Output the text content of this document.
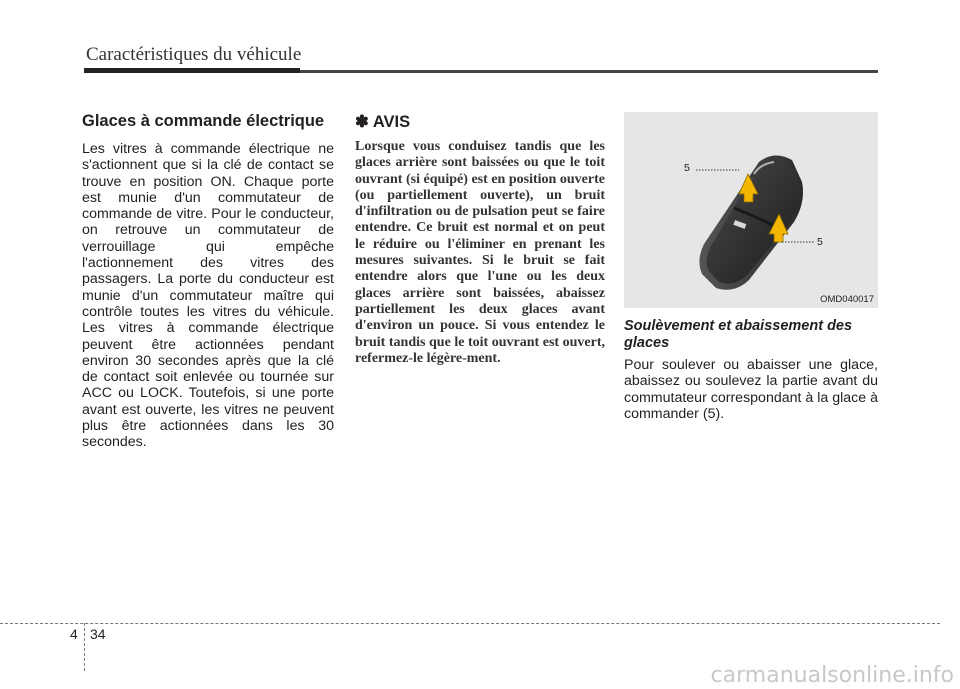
Caractéristiques du véhicule
Glaces à commande électrique

Les vitres à commande électrique ne s'actionnent que si la clé de contact se trouve en position ON. Chaque porte est munie d'un commutateur de commande de vitre. Pour le conducteur, on retrouve un commutateur de verrouillage qui empêche l'actionnement des vitres des passagers. La porte du conducteur est munie d'un commutateur maître qui contrôle toutes les vitres du véhicule. Les vitres à commande électrique peuvent être actionnées pendant environ 30 secondes après que la clé de contact soit enlevée ou tournée sur ACC ou LOCK. Toutefois, si une porte avant est ouverte, les vitres ne peuvent plus être actionnées dans les 30 secondes.

✽ AVIS

Lorsque vous conduisez tandis que les glaces arrière sont baissées ou que le toit ouvrant (si équipé) est en position ouverte (ou partiellement ouverte), un bruit d'infiltration ou de pulsation peut se faire entendre. Ce bruit est normal et on peut le réduire ou l'éliminer en prenant les mesures suivantes. Si le bruit se fait entendre alors que l'une ou les deux glaces arrière sont baissées, abaissez partiellement les deux glaces avant d'environ un pouce. Si vous entendez le bruit tandis que le toit ouvrant est ouvert, refermez-le légère-ment.

5
5
OMD040017
Soulèvement et abaissement des glaces

Pour soulever ou abaisser une glace, abaissez ou soulevez la partie avant du commutateur correspondant à la glace à commander (5).

4 34
carmanualsonline.info
